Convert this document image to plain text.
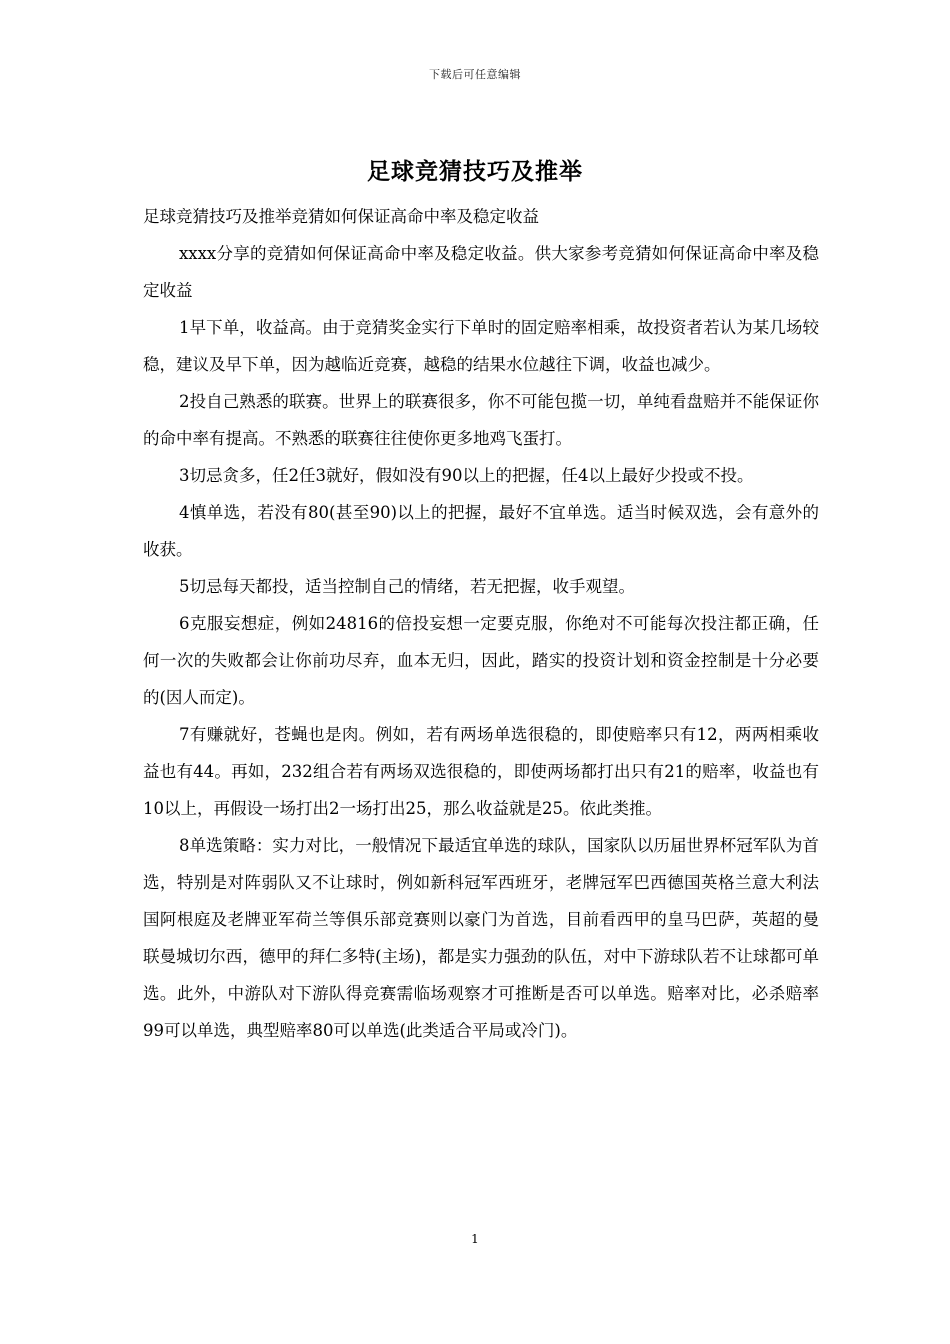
下载后可任意编辑
足球竞猜技巧及推举

足球竞猜技巧及推举竞猜如何保证高命中率及稳定收益

xxxx分享的竞猜如何保证高命中率及稳定收益。供大家参考竞猜如何保证高命中率及稳定收益

1早下单，收益高。由于竞猜奖金实行下单时的固定赔率相乘，故投资者若认为某几场较稳，建议及早下单，因为越临近竞赛，越稳的结果水位越往下调，收益也减少。

2投自己熟悉的联赛。世界上的联赛很多，你不可能包揽一切，单纯看盘赔并不能保证你的命中率有提高。不熟悉的联赛往往使你更多地鸡飞蛋打。

3切忌贪多，任2任3就好，假如没有90以上的把握，任4以上最好少投或不投。

4慎单选，若没有80(甚至90)以上的把握，最好不宜单选。适当时候双选，会有意外的收获。

5切忌每天都投，适当控制自己的情绪，若无把握，收手观望。

6克服妄想症，例如24816的倍投妄想一定要克服，你绝对不可能每次投注都正确，任何一次的失败都会让你前功尽弃，血本无归，因此，踏实的投资计划和资金控制是十分必要的(因人而定)。

7有赚就好，苍蝇也是肉。例如，若有两场单选很稳的，即使赔率只有12，两两相乘收益也有44。再如，232组合若有两场双选很稳的，即使两场都打出只有21的赔率，收益也有10以上，再假设一场打出2一场打出25，那么收益就是25。依此类推。

8单选策略：实力对比，一般情况下最适宜单选的球队，国家队以历届世界杯冠军队为首选，特别是对阵弱队又不让球时，例如新科冠军西班牙，老牌冠军巴西德国英格兰意大利法国阿根庭及老牌亚军荷兰等俱乐部竞赛则以豪门为首选，目前看西甲的皇马巴萨，英超的曼联曼城切尔西，德甲的拜仁多特(主场)，都是实力强劲的队伍，对中下游球队若不让球都可单选。此外，中游队对下游队得竞赛需临场观察才可推断是否可以单选。赔率对比，必杀赔率99可以单选，典型赔率80可以单选(此类适合平局或冷门)。

1
